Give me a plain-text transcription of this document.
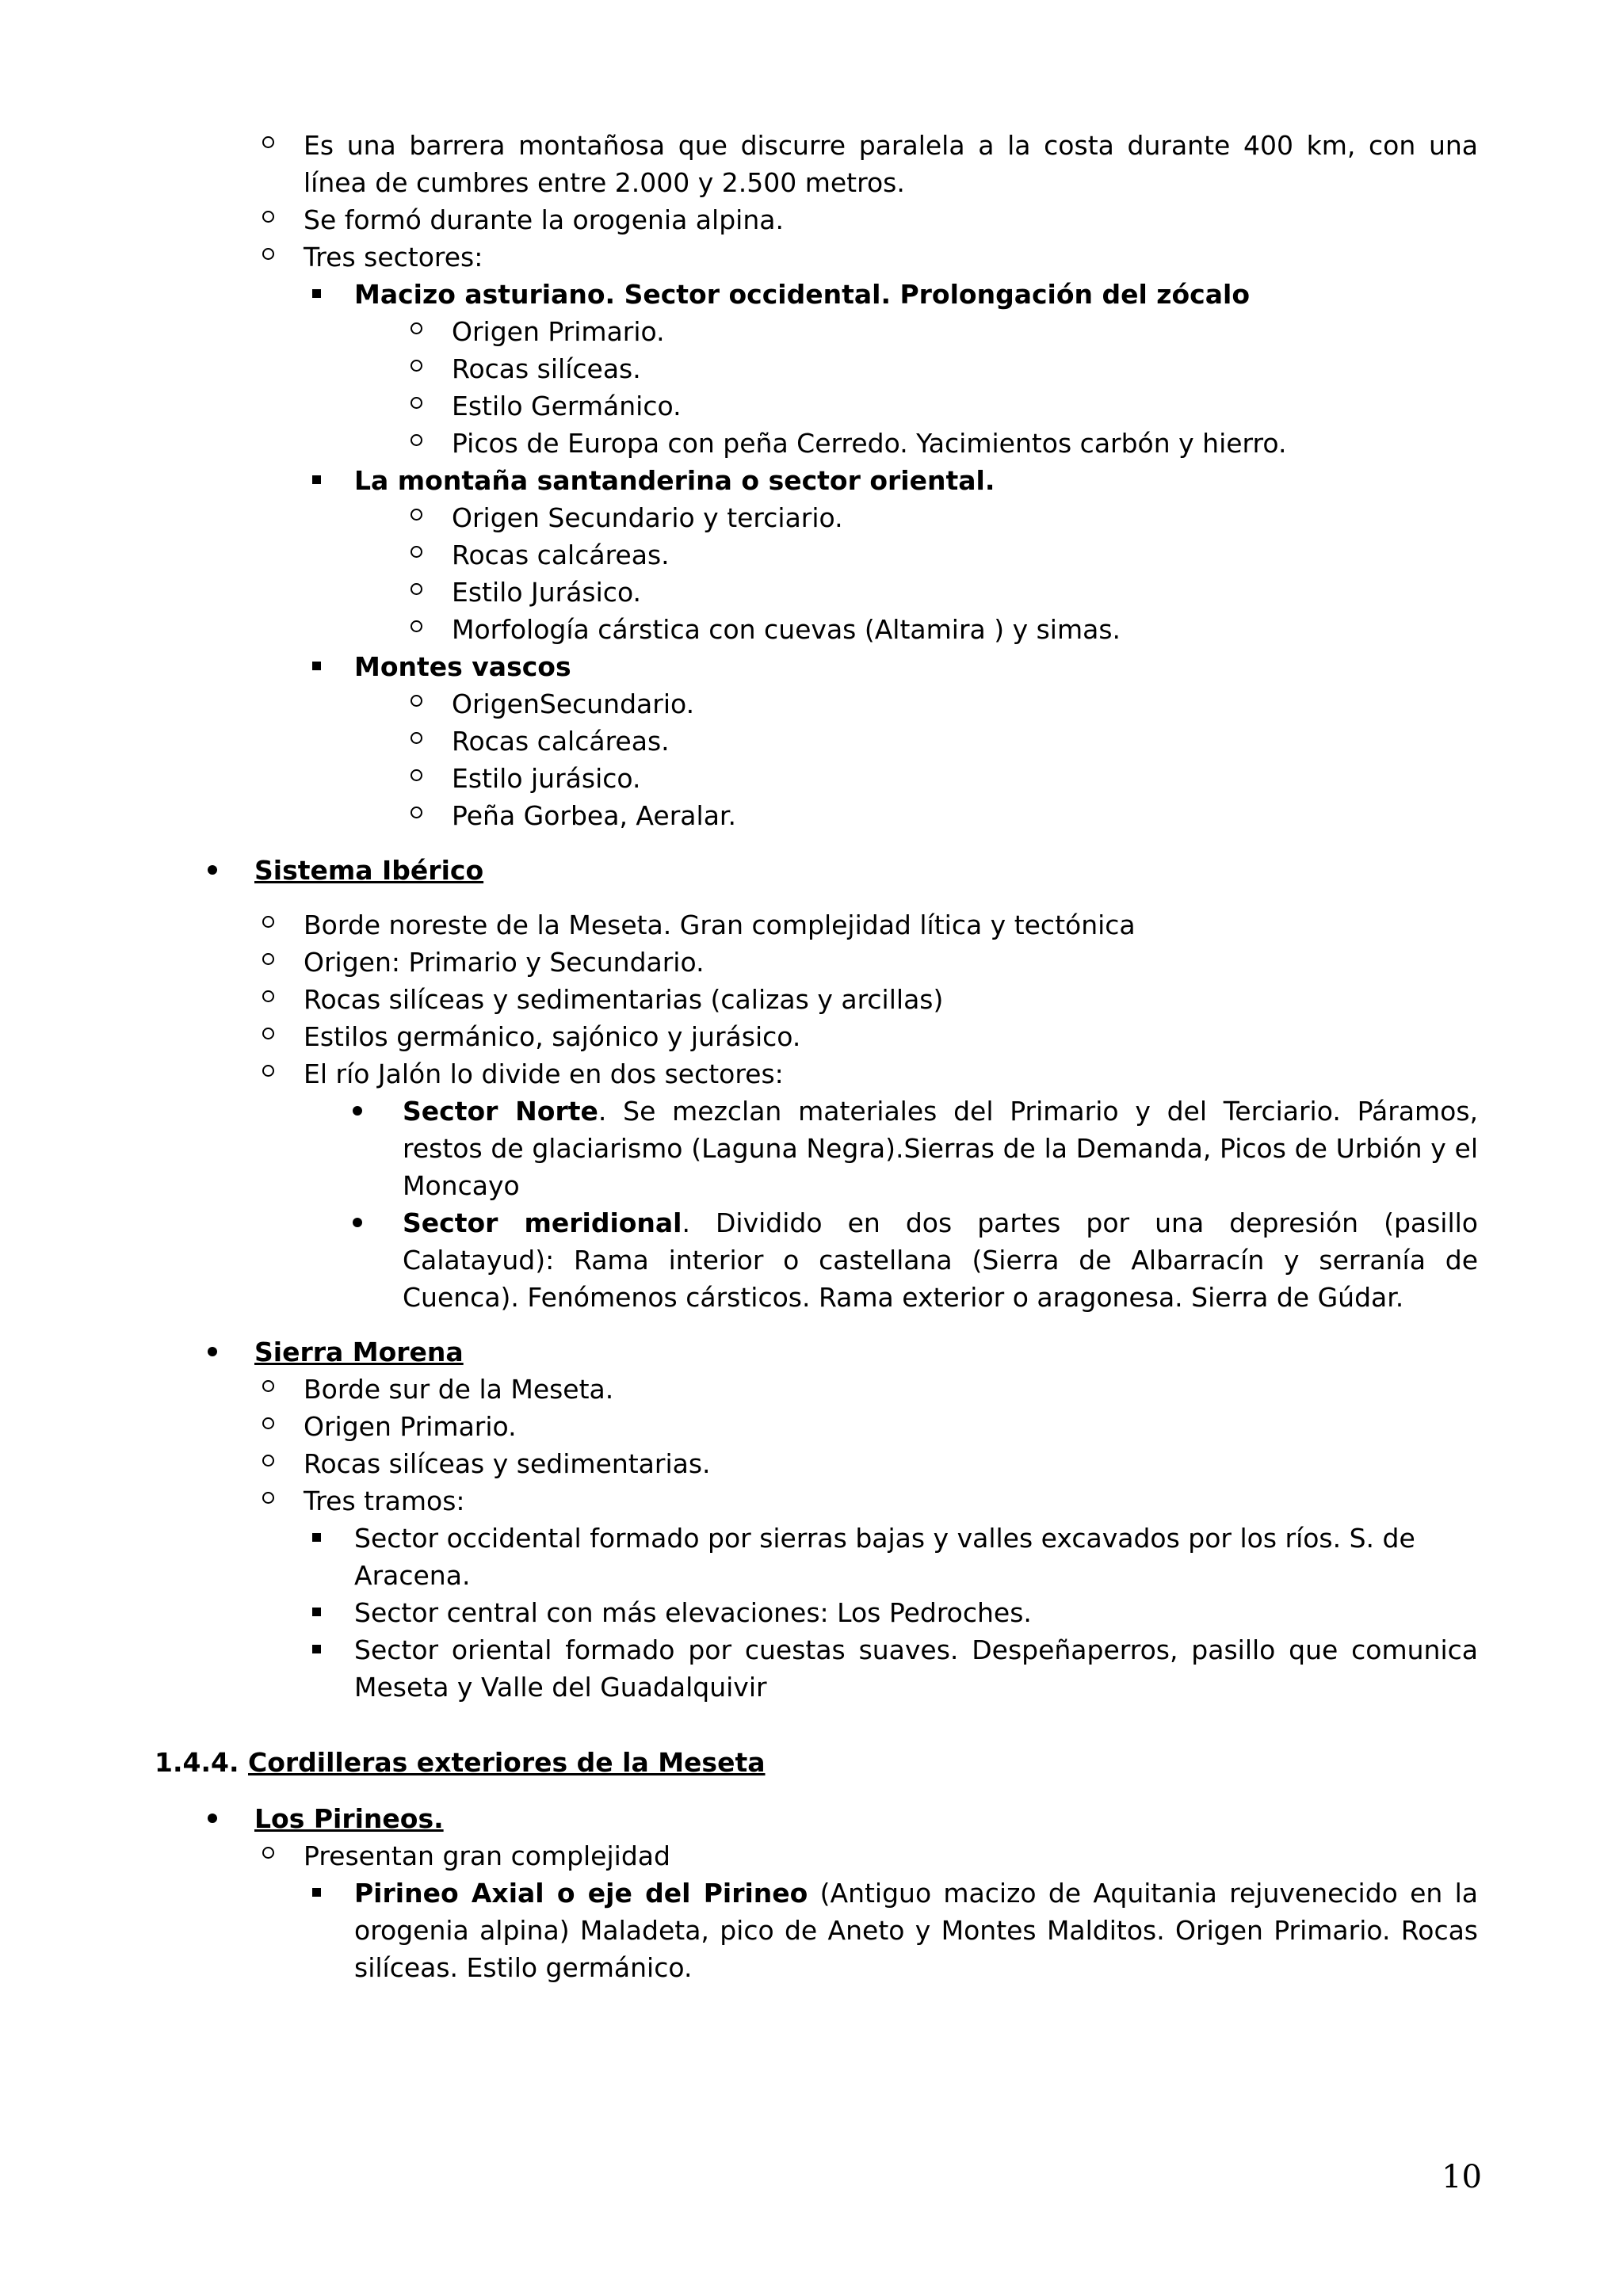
Es una barrera montañosa que discurre paralela a la costa durante 400 km, con una línea de cumbres entre 2.000 y 2.500 metros.
Se formó durante la orogenia alpina.
Tres sectores:
Macizo asturiano. Sector occidental. Prolongación del zócalo
Origen Primario.
Rocas silíceas.
Estilo Germánico.
Picos de Europa con peña Cerredo. Yacimientos carbón y hierro.
La montaña santanderina o sector oriental.
Origen Secundario y terciario.
Rocas calcáreas.
Estilo Jurásico.
Morfología cárstica con cuevas (Altamira ) y simas.
Montes vascos
OrigenSecundario.
Rocas calcáreas.
Estilo jurásico.
Peña Gorbea, Aeralar.
Sistema Ibérico
Borde noreste de la Meseta. Gran complejidad lítica y tectónica
Origen: Primario y Secundario.
Rocas silíceas y sedimentarias (calizas y arcillas)
Estilos germánico, sajónico y jurásico.
El río Jalón lo divide en dos sectores:
Sector Norte. Se mezclan materiales del Primario y del Terciario. Páramos, restos de glaciarismo (Laguna Negra).Sierras de la Demanda, Picos de Urbión y el Moncayo
Sector meridional. Dividido en dos partes por una depresión (pasillo Calatayud): Rama interior o castellana (Sierra de Albarracín y serranía de Cuenca). Fenómenos cársticos. Rama exterior o aragonesa. Sierra de Gúdar.
Sierra Morena
Borde sur de la Meseta.
Origen Primario.
Rocas silíceas y sedimentarias.
Tres tramos:
Sector occidental formado por sierras bajas y valles excavados por los ríos. S. de Aracena.
Sector central con más elevaciones: Los Pedroches.
Sector oriental formado por cuestas suaves. Despeñaperros, pasillo que comunica Meseta y Valle del Guadalquivir
1.4.4. Cordilleras exteriores de la Meseta
Los Pirineos.
Presentan gran complejidad
Pirineo Axial o eje del Pirineo (Antiguo macizo de Aquitania rejuvenecido en la orogenia alpina) Maladeta, pico de Aneto y Montes Malditos. Origen Primario. Rocas silíceas. Estilo germánico.
10
